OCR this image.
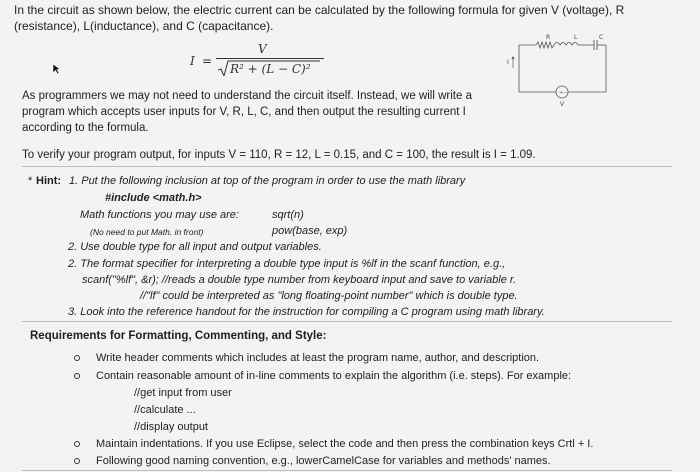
In the circuit as shown below, the electric current can be calculated by the following formula for given V (voltage), R
(resistance), L(inductance), and C (capacitance).
I =
V
R² + (L − C)²
R	L	C
+−
I
V
As programmers we may not need to understand the circuit itself. Instead, we will write a
program which accepts user inputs for V, R, L, C, and then output the resulting current I
according to the formula.
To verify your program output, for inputs V = 110, R = 12, L = 0.15, and C = 100, the result is I = 1.09.
* Hint: 1. Put the following inclusion at top of the program in order to use the math library
#include <math.h>
Math functions you may use are:	sqrt(n)
(No need to put Math. in front)	pow(base, exp)
2. Use double type for all input and output variables.
2. The format specifier for interpreting a double type input is %lf in the scanf function, e.g.,
scanf("%lf", &r); //reads a double type number from keyboard input and save to variable r.
//"lf" could be interpreted as "long floating-point number" which is double type.
3. Look into the reference handout for the instruction for compiling a C program using math library.
Requirements for Formatting, Commenting, and Style:
Write header comments which includes at least the program name, author, and description.
Contain reasonable amount of in-line comments to explain the algorithm (i.e. steps). For example:
//get input from user
//calculate ...
//display output
Maintain indentations. If you use Eclipse, select the code and then press the combination keys Crtl + I.
Following good naming convention, e.g., lowerCamelCase for variables and methods' names.
